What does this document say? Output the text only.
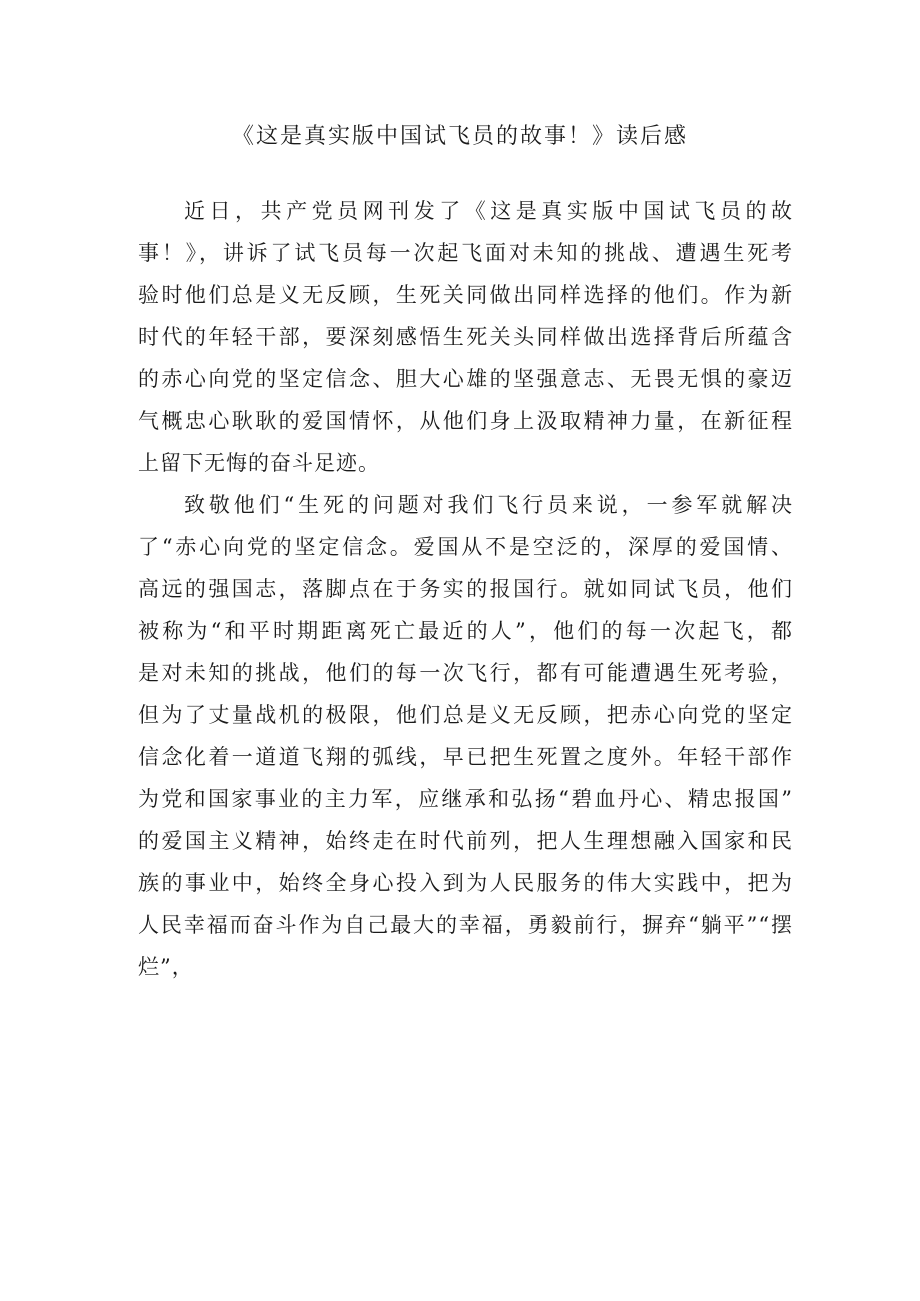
《这是真实版中国试飞员的故事！》读后感

近日，共产党员网刊发了《这是真实版中国试飞员的故
事！》，讲诉了试飞员每一次起飞面对未知的挑战、遭遇生死考
验时他们总是义无反顾，生死关同做出同样选择的他们。作为新
时代的年轻干部，要深刻感悟生死关头同样做出选择背后所蕴含
的赤心向党的坚定信念、胆大心雄的坚强意志、无畏无惧的豪迈
气概忠心耿耿的爱国情怀，从他们身上汲取精神力量，在新征程
上留下无悔的奋斗足迹。

致敬他们“生死的问题对我们飞行员来说，一参军就解决
了“赤心向党的坚定信念。爱国从不是空泛的，深厚的爱国情、
高远的强国志，落脚点在于务实的报国行。就如同试飞员，他们
被称为“和平时期距离死亡最近的人”，他们的每一次起飞，都
是对未知的挑战，他们的每一次飞行，都有可能遭遇生死考验，
但为了丈量战机的极限，他们总是义无反顾，把赤心向党的坚定
信念化着一道道飞翔的弧线，早已把生死置之度外。年轻干部作
为党和国家事业的主力军，应继承和弘扬“碧血丹心、精忠报国”
的爱国主义精神，始终走在时代前列，把人生理想融入国家和民
族的事业中，始终全身心投入到为人民服务的伟大实践中，把为
人民幸福而奋斗作为自己最大的幸福，勇毅前行，摒弃“躺平”“摆
烂”，
